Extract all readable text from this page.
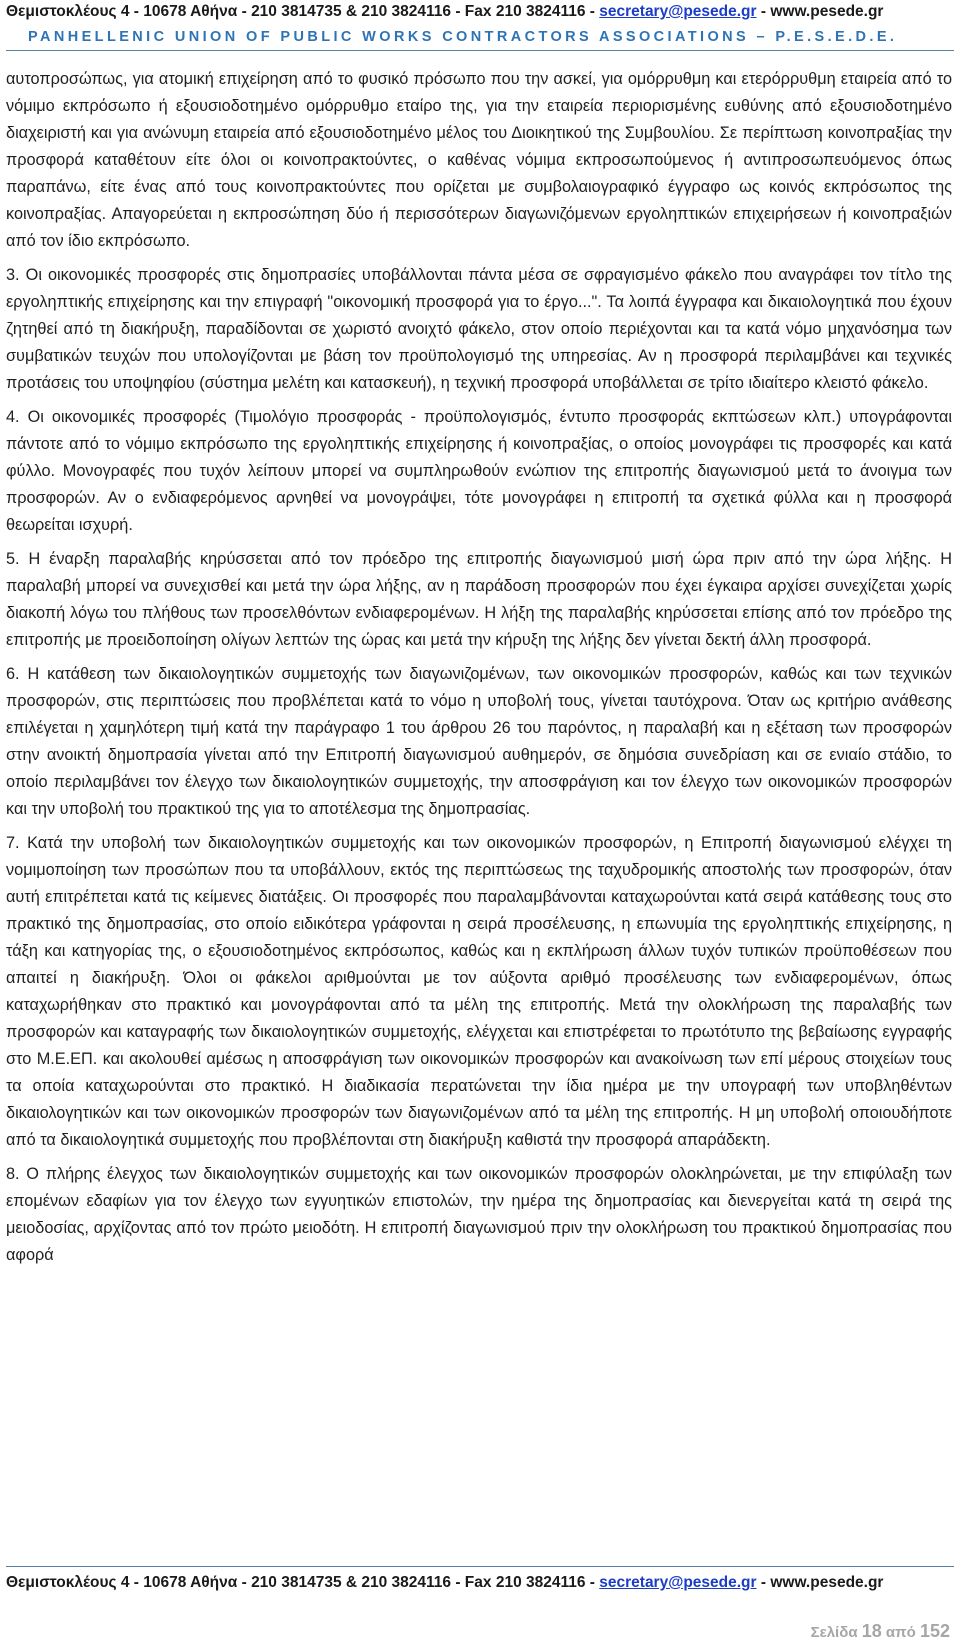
Θεμιστοκλέους 4 - 10678 Αθήνα - 210 3814735 & 210 3824116 - Fax 210 3824116 - secretary@pesede.gr - www.pesede.gr
PANHELLENIC UNION OF PUBLIC WORKS CONTRACTORS ASSOCIATIONS – P.E.S.E.D.E.

αυτοπροσώπως, για ατομική επιχείρηση από το φυσικό πρόσωπο που την ασκεί, για ομόρρυθμη και ετερόρρυθμη εταιρεία από το νόμιμο εκπρόσωπο ή εξουσιοδοτημένο ομόρρυθμο εταίρο της, για την εταιρεία περιορισμένης ευθύνης από εξουσιοδοτημένο διαχειριστή και για ανώνυμη εταιρεία από εξουσιοδοτημένο μέλος του Διοικητικού της Συμβουλίου. Σε περίπτωση κοινοπραξίας την προσφορά καταθέτουν είτε όλοι οι κοινοπρακτούντες, ο καθένας νόμιμα εκπροσωπούμενος ή αντιπροσωπευόμενος όπως παραπάνω, είτε ένας από τους κοινοπρακτούντες που ορίζεται με συμβολαιογραφικό έγγραφο ως κοινός εκπρόσωπος της κοινοπραξίας. Απαγορεύεται η εκπροσώπηση δύο ή περισσότερων διαγωνιζόμενων εργοληπτικών επιχειρήσεων ή κοινοπραξιών από τον ίδιο εκπρόσωπο.

3. Οι οικονομικές προσφορές στις δημοπρασίες υποβάλλονται πάντα μέσα σε σφραγισμένο φάκελο που αναγράφει τον τίτλο της εργοληπτικής επιχείρησης και την επιγραφή "οικονομική προσφορά για το έργο...". Τα λοιπά έγγραφα και δικαιολογητικά που έχουν ζητηθεί από τη διακήρυξη, παραδίδονται σε χωριστό ανοιχτό φάκελο, στον οποίο περιέχονται και τα κατά νόμο μηχανόσημα των συμβατικών τευχών που υπολογίζονται με βάση τον προϋπολογισμό της υπηρεσίας. Αν η προσφορά περιλαμβάνει και τεχνικές προτάσεις του υποψηφίου (σύστημα μελέτη και κατασκευή), η τεχνική προσφορά υποβάλλεται σε τρίτο ιδιαίτερο κλειστό φάκελο.

4. Οι οικονομικές προσφορές (Τιμολόγιο προσφοράς - προϋπολογισμός, έντυπο προσφοράς εκπτώσεων κλπ.) υπογράφονται πάντοτε από το νόμιμο εκπρόσωπο της εργοληπτικής επιχείρησης ή κοινοπραξίας, ο οποίος μονογράφει τις προσφορές και κατά φύλλο. Μονογραφές που τυχόν λείπουν μπορεί να συμπληρωθούν ενώπιον της επιτροπής διαγωνισμού μετά το άνοιγμα των προσφορών. Αν ο ενδιαφερόμενος αρνηθεί να μονογράψει, τότε μονογράφει η επιτροπή τα σχετικά φύλλα και η προσφορά θεωρείται ισχυρή.

5. Η έναρξη παραλαβής κηρύσσεται από τον πρόεδρο της επιτροπής διαγωνισμού μισή ώρα πριν από την ώρα λήξης. Η παραλαβή μπορεί να συνεχισθεί και μετά την ώρα λήξης, αν η παράδοση προσφορών που έχει έγκαιρα αρχίσει συνεχίζεται χωρίς διακοπή λόγω του πλήθους των προσελθόντων ενδιαφερομένων. Η λήξη της παραλαβής κηρύσσεται επίσης από τον πρόεδρο της επιτροπής με προειδοποίηση ολίγων λεπτών της ώρας και μετά την κήρυξη της λήξης δεν γίνεται δεκτή άλλη προσφορά.

6. Η κατάθεση των δικαιολογητικών συμμετοχής των διαγωνιζομένων, των οικονομικών προσφορών, καθώς και των τεχνικών προσφορών, στις περιπτώσεις που προβλέπεται κατά το νόμο η υποβολή τους, γίνεται ταυτόχρονα. Όταν ως κριτήριο ανάθεσης επιλέγεται η χαμηλότερη τιμή κατά την παράγραφο 1 του άρθρου 26 του παρόντος, η παραλαβή και η εξέταση των προσφορών στην ανοικτή δημοπρασία γίνεται από την Επιτροπή διαγωνισμού αυθημερόν, σε δημόσια συνεδρίαση και σε ενιαίο στάδιο, το οποίο περιλαμβάνει τον έλεγχο των δικαιολογητικών συμμετοχής, την αποσφράγιση και τον έλεγχο των οικονομικών προσφορών και την υποβολή του πρακτικού της για το αποτέλεσμα της δημοπρασίας.

7. Κατά την υποβολή των δικαιολογητικών συμμετοχής και των οικονομικών προσφορών, η Επιτροπή διαγωνισμού ελέγχει τη νομιμοποίηση των προσώπων που τα υποβάλλουν, εκτός της περιπτώσεως της ταχυδρομικής αποστολής των προσφορών, όταν αυτή επιτρέπεται κατά τις κείμενες διατάξεις. Οι προσφορές που παραλαμβάνονται καταχωρούνται κατά σειρά κατάθεσης τους στο πρακτικό της δημοπρασίας, στο οποίο ειδικότερα γράφονται η σειρά προσέλευσης, η επωνυμία της εργοληπτικής επιχείρησης, η τάξη και κατηγορίας της, ο εξουσιοδοτημένος εκπρόσωπος, καθώς και η εκπλήρωση άλλων τυχόν τυπικών προϋποθέσεων που απαιτεί η διακήρυξη. Όλοι οι φάκελοι αριθμούνται με τον αύξοντα αριθμό προσέλευσης των ενδιαφερομένων, όπως καταχωρήθηκαν στο πρακτικό και μονογράφονται από τα μέλη της επιτροπής. Μετά την ολοκλήρωση της παραλαβής των προσφορών και καταγραφής των δικαιολογητικών συμμετοχής, ελέγχεται και επιστρέφεται το πρωτότυπο της βεβαίωσης εγγραφής στο Μ.Ε.ΕΠ. και ακολουθεί αμέσως η αποσφράγιση των οικονομικών προσφορών και ανακοίνωση των επί μέρους στοιχείων τους τα οποία καταχωρούνται στο πρακτικό. Η διαδικασία περατώνεται την ίδια ημέρα με την υπογραφή των υποβληθέντων δικαιολογητικών και των οικονομικών προσφορών των διαγωνιζομένων από τα μέλη της επιτροπής. Η μη υποβολή οποιουδήποτε από τα δικαιολογητικά συμμετοχής που προβλέπονται στη διακήρυξη καθιστά την προσφορά απαράδεκτη.

8. Ο πλήρης έλεγχος των δικαιολογητικών συμμετοχής και των οικονομικών προσφορών ολοκληρώνεται, με την επιφύλαξη των επομένων εδαφίων για τον έλεγχο των εγγυητικών επιστολών, την ημέρα της δημοπρασίας και διενεργείται κατά τη σειρά της μειοδοσίας, αρχίζοντας από τον πρώτο μειοδότη. Η επιτροπή διαγωνισμού πριν την ολοκλήρωση του πρακτικού δημοπρασίας που αφορά

Θεμιστοκλέους 4 - 10678 Αθήνα - 210 3814735 & 210 3824116 - Fax 210 3824116 - secretary@pesede.gr - www.pesede.gr
Σελίδα 18 από 152
